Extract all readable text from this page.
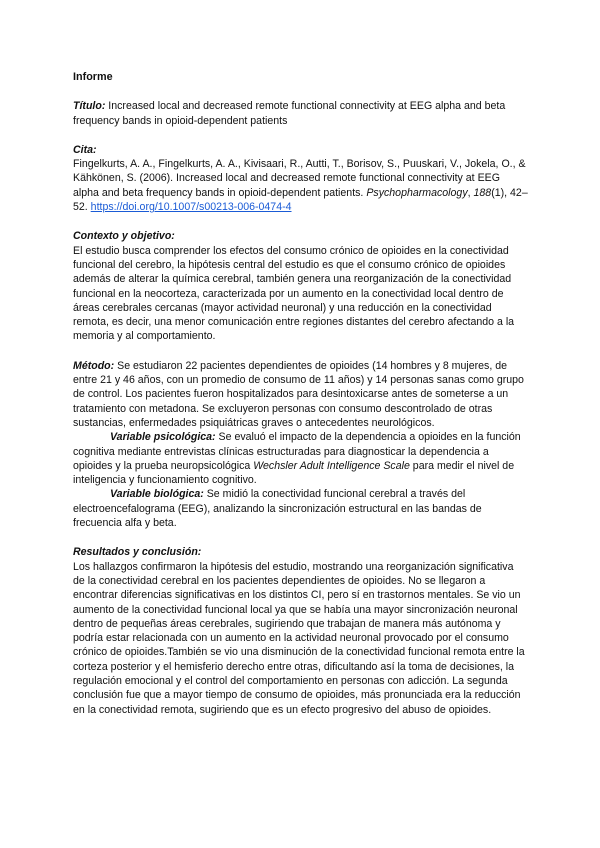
Informe

Título: Increased local and decreased remote functional connectivity at EEG alpha and beta frequency bands in opioid-dependent patients

Cita:

Fingelkurts, A. A., Fingelkurts, A. A., Kivisaari, R., Autti, T., Borisov, S., Puuskari, V., Jokela, O., & Kähkönen, S. (2006). Increased local and decreased remote functional connectivity at EEG alpha and beta frequency bands in opioid-dependent patients. Psychopharmacology, 188(1), 42–52. https://doi.org/10.1007/s00213-006-0474-4

Contexto y objetivo:

El estudio busca comprender los efectos del consumo crónico de opioides en la conectividad funcional del cerebro, la hipótesis central del estudio es que el consumo crónico de opioides además de alterar la química cerebral, también genera una reorganización de la conectividad funcional en la neocorteza, caracterizada por un aumento en la conectividad local dentro de áreas cerebrales cercanas (mayor actividad neuronal) y una reducción en la conectividad remota, es decir, una menor comunicación entre regiones distantes del cerebro afectando a la memoria y al comportamiento.

Método: Se estudiaron 22 pacientes dependientes de opioides (14 hombres y 8 mujeres, de entre 21 y 46 años, con un promedio de consumo de 11 años) y 14 personas sanas como grupo de control. Los pacientes fueron hospitalizados para desintoxicarse antes de someterse a un tratamiento con metadona. Se excluyeron personas con consumo descontrolado de otras sustancias, enfermedades psiquiátricas graves o antecedentes neurológicos.

Variable psicológica: Se evaluó el impacto de la dependencia a opioides en la función cognitiva mediante entrevistas clínicas estructuradas para diagnosticar la dependencia a opioides y la prueba neuropsicológica Wechsler Adult Intelligence Scale para medir el nivel de inteligencia y funcionamiento cognitivo.

Variable biológica: Se midió la conectividad funcional cerebral a través del electroencefalograma (EEG), analizando la sincronización estructural en las bandas de frecuencia alfa y beta.

Resultados y conclusión:

Los hallazgos confirmaron la hipótesis del estudio, mostrando una reorganización significativa de la conectividad cerebral en los pacientes dependientes de opioides. No se llegaron a encontrar diferencias significativas en los distintos CI, pero sí en trastornos mentales. Se vio un aumento de la conectividad funcional local ya que se había una mayor sincronización neuronal dentro de pequeñas áreas cerebrales, sugiriendo que trabajan de manera más autónoma y podría estar relacionada con un aumento en la actividad neuronal provocado por el consumo crónico de opioides.También se vio una disminución de la conectividad funcional remota entre la corteza posterior y el hemisferio derecho entre otras, dificultando así la toma de decisiones, la regulación emocional y el control del comportamiento en personas con adicción. La segunda conclusión fue que a mayor tiempo de consumo de opioides, más pronunciada era la reducción en la conectividad remota, sugiriendo que es un efecto progresivo del abuso de opioides.
